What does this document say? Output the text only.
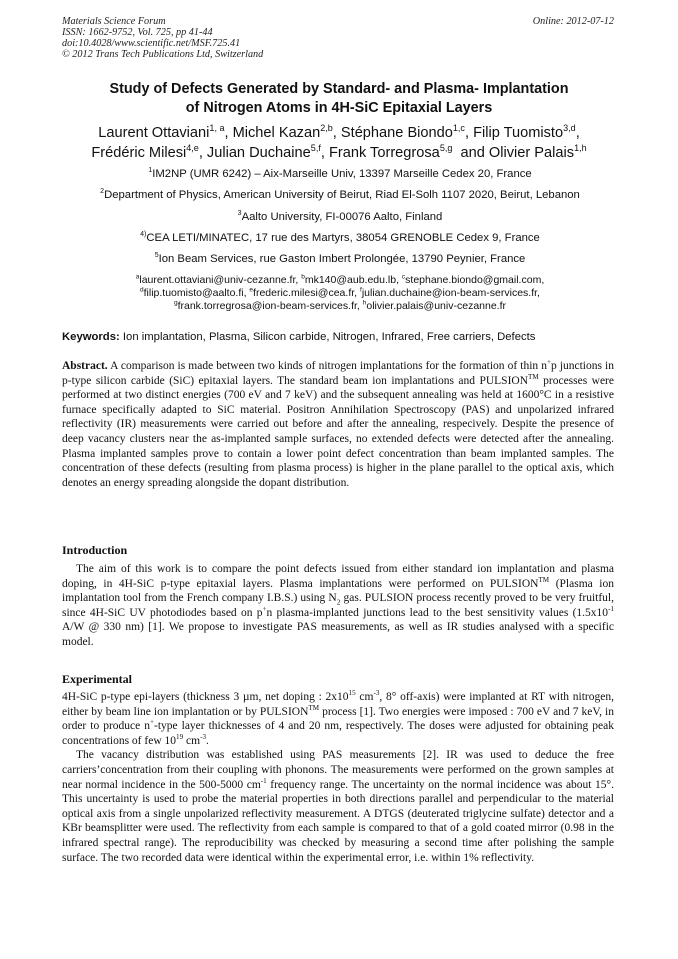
Materials Science Forum
ISSN: 1662-9752, Vol. 725, pp 41-44
doi:10.4028/www.scientific.net/MSF.725.41
© 2012 Trans Tech Publications Ltd, Switzerland
Online: 2012-07-12
Study of Defects Generated by Standard- and Plasma- Implantation
of Nitrogen Atoms in 4H-SiC Epitaxial Layers
Laurent Ottaviani$^{1, a}$, Michel Kazan$^{2,b}$, Stéphane Biondo$^{1,c}$, Filip Tuomisto$^{3,d}$,
Frédéric Milesi$^{4,e}$, Julian Duchaine$^{5,f}$, Frank Torregrosa$^{5,g}$  and Olivier Palais$^{1,h}$
$^1$IM2NP (UMR 6242) – Aix-Marseille Univ, 13397 Marseille Cedex 20, France
$^2$Department of Physics, American University of Beirut, Riad El-Solh 1107 2020, Beirut, Lebanon
$^3$Aalto University, FI-00076 Aalto, Finland
$^{4)}$CEA LETI/MINATEC, 17 rue des Martyrs, 38054 GRENOBLE Cedex 9, France
$^5$Ion Beam Services, rue Gaston Imbert Prolongée, 13790 Peynier, France
$^a$laurent.ottaviani@univ-cezanne.fr, $^b$mk140@aub.edu.lb, $^c$stephane.biondo@gmail.com,
$^d$filip.tuomisto@aalto.fi, $^e$frederic.milesi@cea.fr, $^f$julian.duchaine@ion-beam-services.fr,
$^g$frank.torregrosa@ion-beam-services.fr, $^h$olivier.palais@univ-cezanne.fr
Keywords: Ion implantation, Plasma, Silicon carbide, Nitrogen, Infrared, Free carriers, Defects

Abstract. A comparison is made between two kinds of nitrogen implantations for the formation of thin n+p junctions in p-type silicon carbide (SiC) epitaxial layers. The standard beam ion implantations and PULSION™ processes were performed at two distinct energies (700 eV and 7 keV) and the subsequent annealing was held at 1600°C in a resistive furnace specifically adapted to SiC material. Positron Annihilation Spectroscopy (PAS) and unpolarized infrared reflectivity (IR) measurements were carried out before and after the annealing, respecively. Despite the presence of deep vacancy clusters near the as-implanted sample surfaces, no extended defects were detected after the annealing. Plasma implanted samples prove to contain a lower point defect concentration than beam implanted samples. The concentration of these defects (resulting from plasma process) is higher in the plane parallel to the optical axis, which denotes an energy spreading alongside the dopant distribution.

Introduction

The aim of this work is to compare the point defects issued from either standard ion implantation and plasma doping, in 4H-SiC p-type epitaxial layers. Plasma implantations were performed on PULSION™ (Plasma ion implantation tool from the French company I.B.S.) using $N_2$ gas. PULSION process recently proved to be very fruitful, since 4H-SiC UV photodiodes based on p+n plasma-implanted junctions lead to the best sensitivity values ($1.5x10^{-1}$ A/W @ 330 nm) [1]. We propose to investigate PAS measurements, as well as IR studies analysed with a specific model.

Experimental

4H-SiC p-type epi-layers (thickness 3 µm, net doping : $2x10^{15}$ $cm^{-3}$, 8° off-axis) were implanted at RT with nitrogen, either by beam line ion implantation or by PULSION™ process [1]. Two energies were imposed : 700 eV and 7 keV, in order to produce n+-type layer thicknesses of 4 and 20 nm, respectively. The doses were adjusted for obtaining peak concentrations of few $10^{19}$ $cm^{-3}$.

The vacancy distribution was established using PAS measurements [2]. IR was used to deduce the free carriers’concentration from their coupling with phonons. The measurements were performed on the grown samples at near normal incidence in the 500-5000 $cm^{-1}$ frequency range. The uncertainty on the normal incidence was about 15°. This uncertainty is used to probe the material properties in both directions parallel and perpendicular to the material optical axis from a single unpolarized reflectivity measurement. A DTGS (deuterated triglycine sulfate) detector and a KBr beamsplitter were used. The reflectivity from each sample is compared to that of a gold coated mirror (0.98 in the infrared spectral range). The reproducibility was checked by measuring a second time after polishing the sample surface. The two recorded data were identical within the experimental error, i.e. within 1% reflectivity.
